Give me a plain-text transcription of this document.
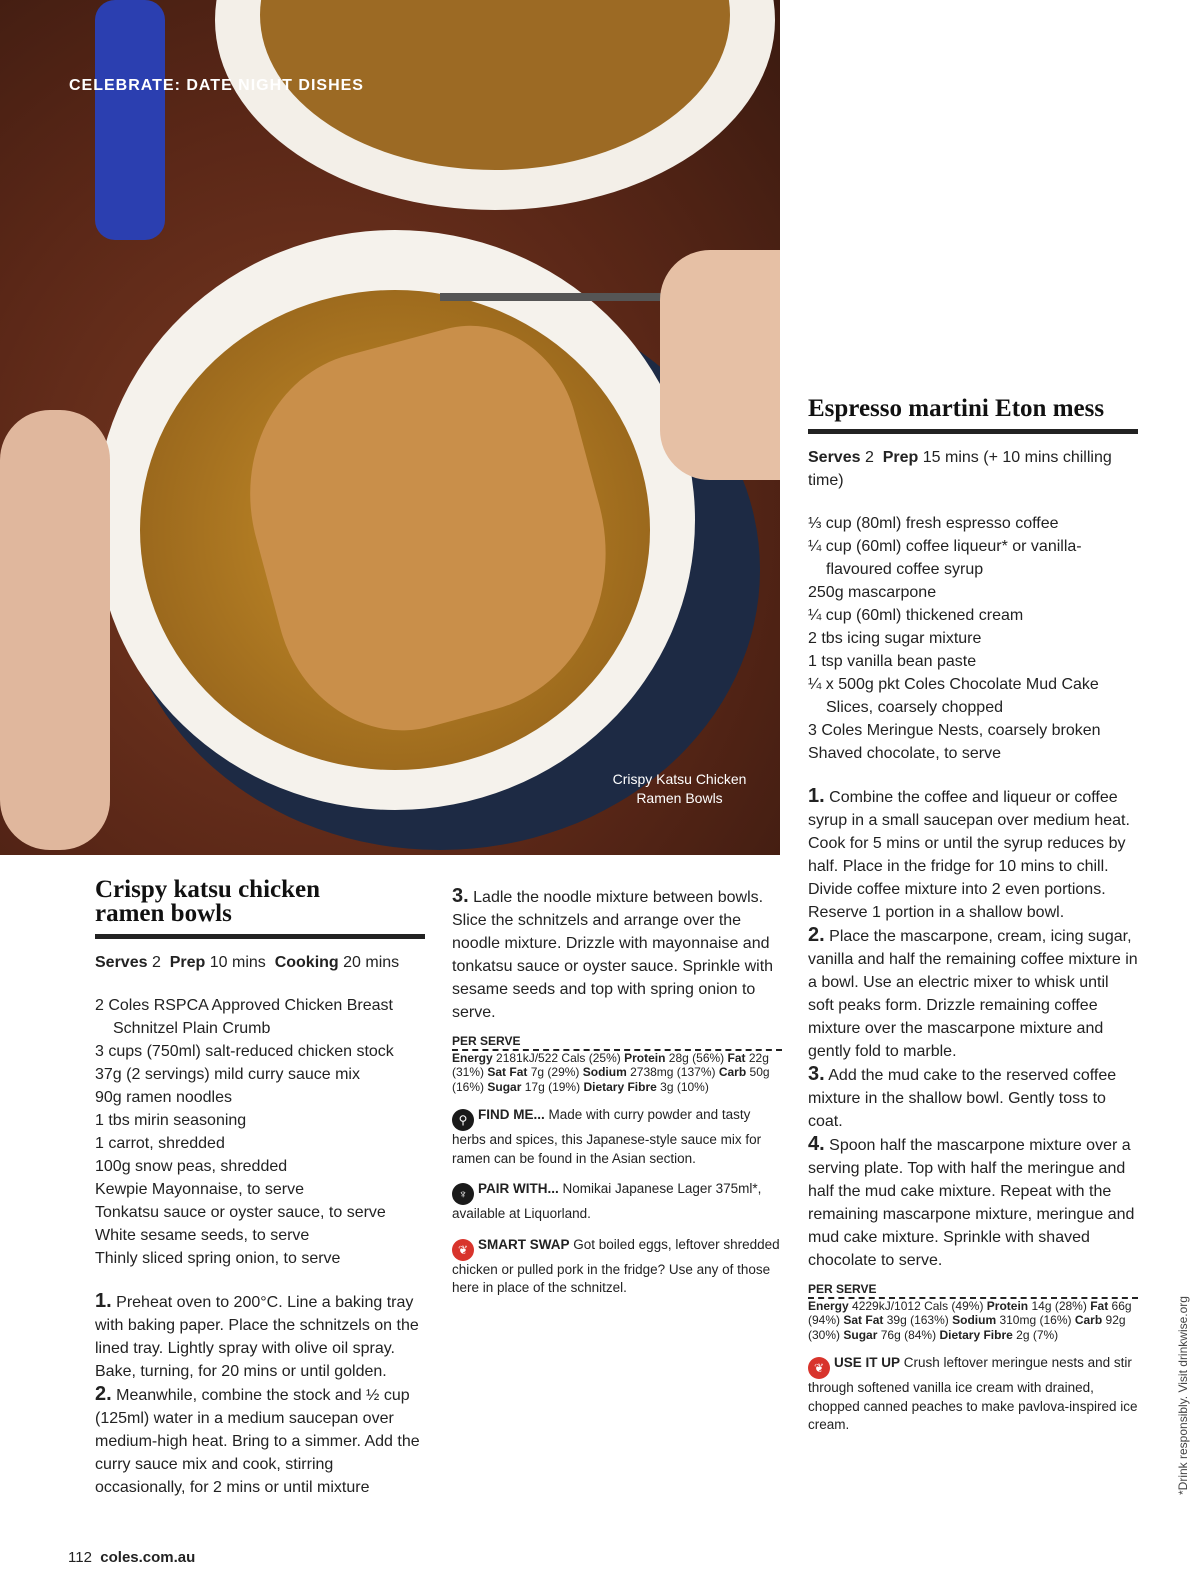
CELEBRATE: DATE NIGHT DISHES
Crispy Katsu Chicken Ramen Bowls
Crispy katsu chicken ramen bowls
Serves 2 Prep 10 mins Cooking 20 mins
2 Coles RSPCA Approved Chicken Breast Schnitzel Plain Crumb
3 cups (750ml) salt-reduced chicken stock
37g (2 servings) mild curry sauce mix
90g ramen noodles
1 tbs mirin seasoning
1 carrot, shredded
100g snow peas, shredded
Kewpie Mayonnaise, to serve
Tonkatsu sauce or oyster sauce, to serve
White sesame seeds, to serve
Thinly sliced spring onion, to serve
1. Preheat oven to 200°C. Line a baking tray with baking paper. Place the schnitzels on the lined tray. Lightly spray with olive oil spray. Bake, turning, for 20 mins or until golden.
2. Meanwhile, combine the stock and ½ cup (125ml) water in a medium saucepan over medium-high heat. Bring to a simmer. Add the curry sauce mix and cook, stirring occasionally, for 2 mins or until mixture
3. Ladle the noodle mixture between bowls. Slice the schnitzels and arrange over the noodle mixture. Drizzle with mayonnaise and tonkatsu sauce or oyster sauce. Sprinkle with sesame seeds and top with spring onion to serve.
PER SERVE
Energy 2181kJ/522 Cals (25%) Protein 28g (56%) Fat 22g (31%) Sat Fat 7g (29%) Sodium 2738mg (137%) Carb 50g (16%) Sugar 17g (19%) Dietary Fibre 3g (10%)
⚲ FIND ME... Made with curry powder and tasty herbs and spices, this Japanese-style sauce mix for ramen can be found in the Asian section.
♆ PAIR WITH... Nomikai Japanese Lager 375ml*, available at Liquorland.
❦ SMART SWAP Got boiled eggs, leftover shredded chicken or pulled pork in the fridge? Use any of those here in place of the schnitzel.
Espresso martini Eton mess
Serves 2 Prep 15 mins (+ 10 mins chilling time)
⅓ cup (80ml) fresh espresso coffee
¼ cup (60ml) coffee liqueur* or vanilla-flavoured coffee syrup
250g mascarpone
¼ cup (60ml) thickened cream
2 tbs icing sugar mixture
1 tsp vanilla bean paste
¼ x 500g pkt Coles Chocolate Mud Cake Slices, coarsely chopped
3 Coles Meringue Nests, coarsely broken
Shaved chocolate, to serve
1. Combine the coffee and liqueur or coffee syrup in a small saucepan over medium heat. Cook for 5 mins or until the syrup reduces by half. Place in the fridge for 10 mins to chill. Divide coffee mixture into 2 even portions. Reserve 1 portion in a shallow bowl.
2. Place the mascarpone, cream, icing sugar, vanilla and half the remaining coffee mixture in a bowl. Use an electric mixer to whisk until soft peaks form. Drizzle remaining coffee mixture over the mascarpone mixture and gently fold to marble.
3. Add the mud cake to the reserved coffee mixture in the shallow bowl. Gently toss to coat.
4. Spoon half the mascarpone mixture over a serving plate. Top with half the meringue and half the mud cake mixture. Repeat with the remaining mascarpone mixture, meringue and mud cake mixture. Sprinkle with shaved chocolate to serve.
PER SERVE
Energy 4229kJ/1012 Cals (49%) Protein 14g (28%) Fat 66g (94%) Sat Fat 39g (163%) Sodium 310mg (16%) Carb 92g (30%) Sugar 76g (84%) Dietary Fibre 2g (7%)
❦ USE IT UP Crush leftover meringue nests and stir through softened vanilla ice cream with drained, chopped canned peaches to make pavlova-inspired ice cream.
112 coles.com.au
*Drink responsibly. Visit drinkwise.org
